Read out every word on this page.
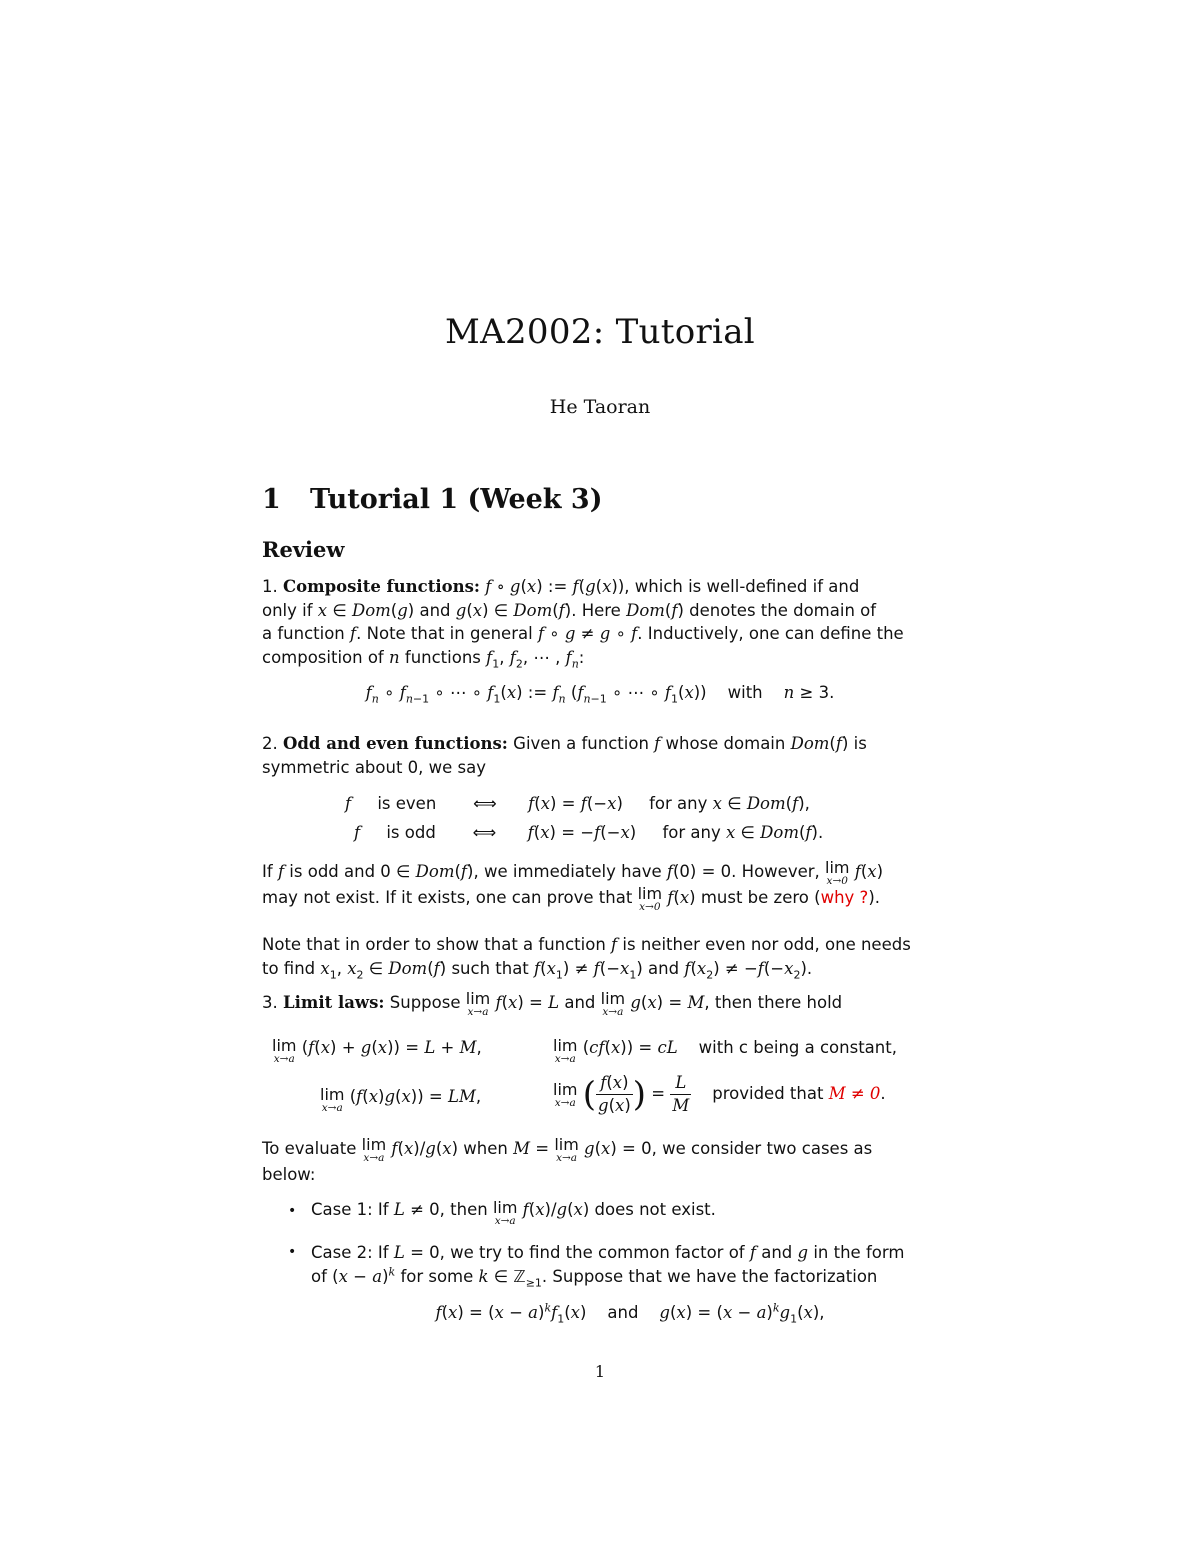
MA2002: Tutorial
He Taoran
1 Tutorial 1 (Week 3)
Review
1. Composite functions: f ∘ g(x) := f(g(x)), which is well-defined if and
only if x ∈ Dom(g) and g(x) ∈ Dom(f). Here Dom(f) denotes the domain of
a function f. Note that in general f ∘ g ≠ g ∘ f. Inductively, one can define the
composition of n functions $f_1$, $f_2$, ⋯ , $f_n$:
$f_n$ ∘ $f_{n-1}$ ∘ ⋯ ∘ $f_1(x)$ := $f_n$ ($f_{n-1}$ ∘ ⋯ ∘ $f_1(x)$)    with n ≥ 3.
2. Odd and even functions: Given a function f whose domain Dom(f) is
symmetric about 0, we say
f is even       ⟺      f(x) = f(−x)     for any x ∈ Dom(f),
f is odd       ⟺      f(x) = −f(−x)     for any x ∈ Dom(f).
If f is odd and 0 ∈ Dom(f), we immediately have f(0) = 0. However, lim
x→0 f(x)
may not exist. If it exists, one can prove that lim
x→0 f(x) must be zero (why ?).
Note that in order to show that a function f is neither even nor odd, one needs
to find $x_1$, $x_2$ ∈ Dom(f) such that $f(x_1) \ne f(-x_1)$ and $f(x_2) \ne -f(-x_2)$.
3. Limit laws: Suppose lim
x→a f(x) = L and lim
x→a g(x) = M, then there hold
lim
x→a
(f(x) + g(x)) = L + M,	lim
x→a
(cf(x)) = cL with c being a constant,
lim
x→a
(f(x)g(x)) = LM,	lim
x→a ( $\frac{f(x)}{g(x)}$ ) = $\frac{L}{M}$ provided that M ≠ 0.
To evaluate lim
x→a f(x)/g(x) when M = lim
x→a g(x) = 0, we consider two cases as
below:
• Case 1: If L ≠ 0, then lim
x→a
f(x)/g(x) does not exist.
• Case 2: If L = 0, we try to find the common factor of f and g in the form
of $(x - a)^k$ for some k ∈ ℤ$_{\ge 1}$. Suppose that we have the factorization
$f(x) = (x - a)^kf_1(x)$    and $g(x) = (x - a)^kg_1(x)$,
1
